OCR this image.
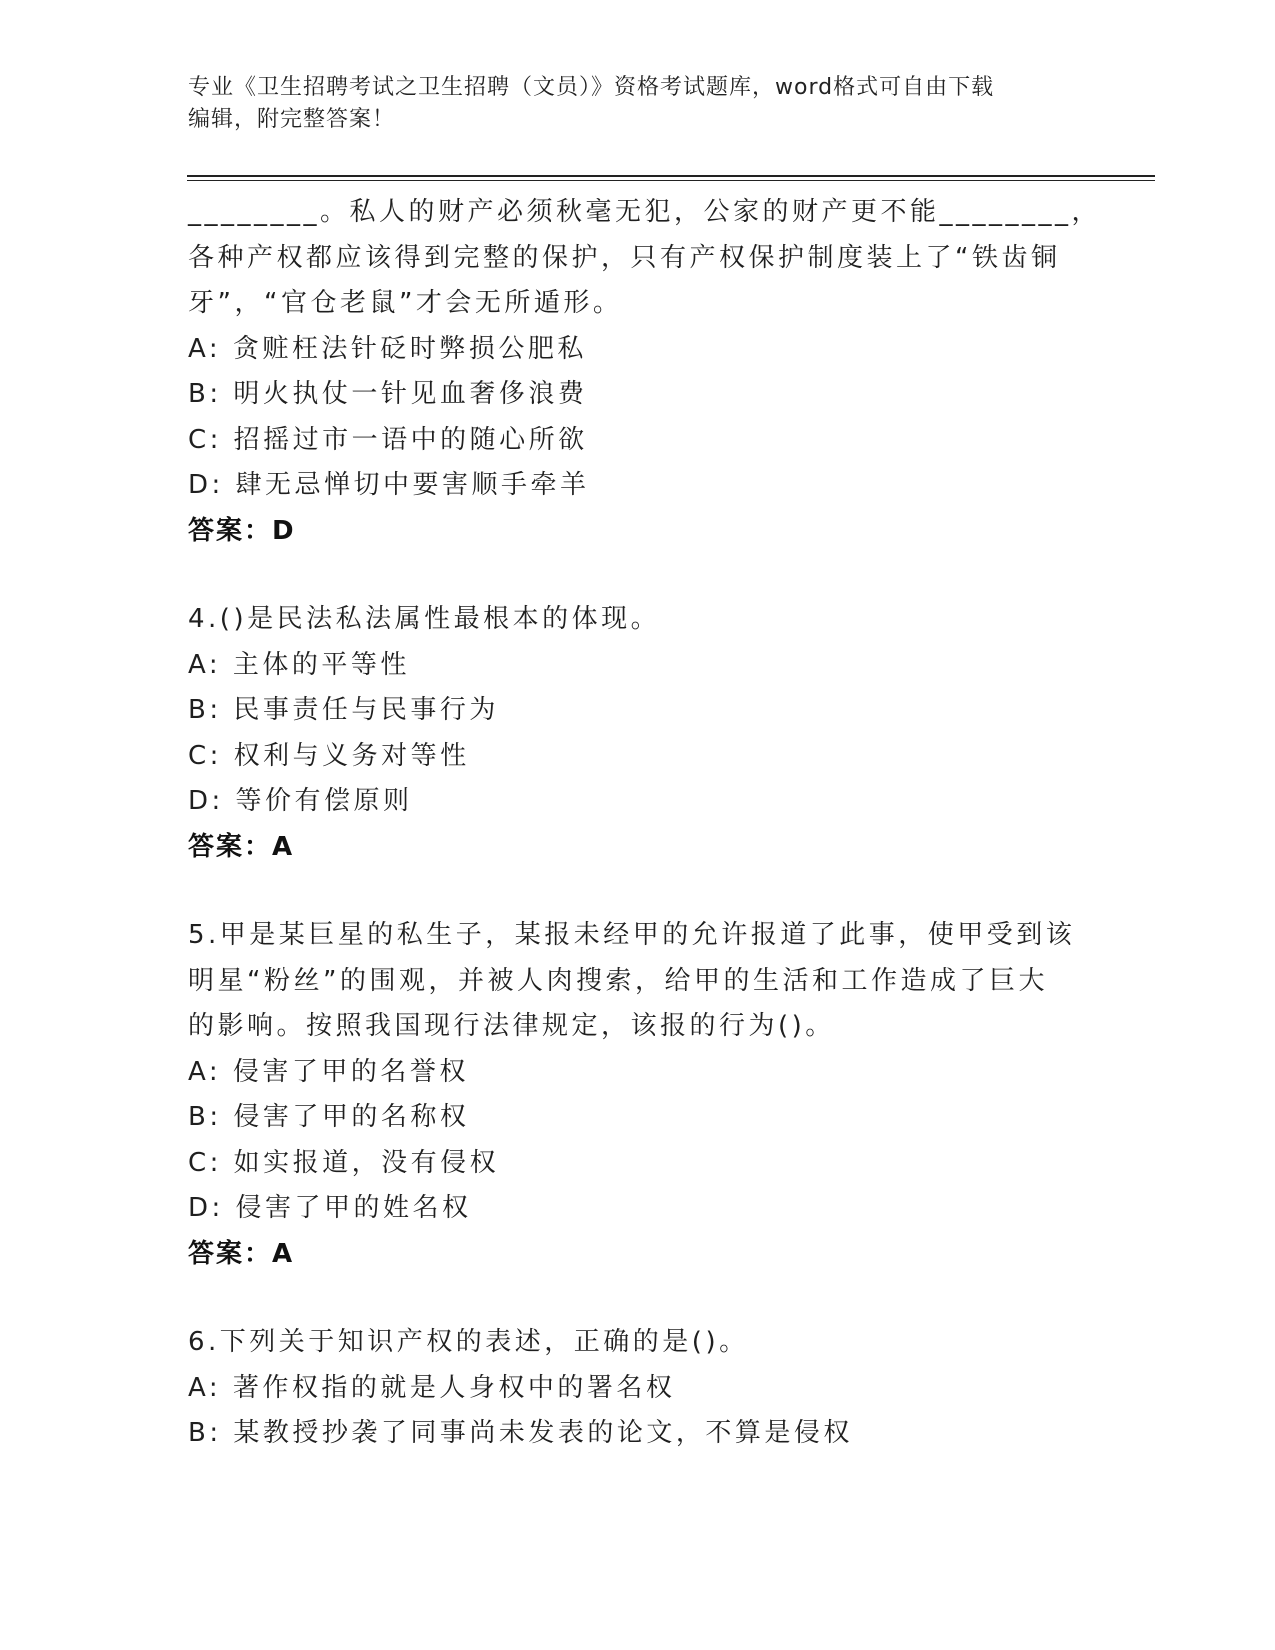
专业《卫生招聘考试之卫生招聘（文员）》资格考试题库，word格式可自由下载
编辑，附完整答案！
________。私人的财产必须秋毫无犯，公家的财产更不能________，
各种产权都应该得到完整的保护，只有产权保护制度装上了“铁齿铜
牙”，“官仓老鼠”才会无所遁形。
A: 贪赃枉法针砭时弊损公肥私
B: 明火执仗一针见血奢侈浪费
C: 招摇过市一语中的随心所欲
D: 肆无忌惮切中要害顺手牵羊
答案：D
4.()是民法私法属性最根本的体现。
A: 主体的平等性
B: 民事责任与民事行为
C: 权利与义务对等性
D: 等价有偿原则
答案：A
5.甲是某巨星的私生子，某报未经甲的允许报道了此事，使甲受到该
明星“粉丝”的围观，并被人肉搜索，给甲的生活和工作造成了巨大
的影响。按照我国现行法律规定，该报的行为()。
A: 侵害了甲的名誉权
B: 侵害了甲的名称权
C: 如实报道，没有侵权
D: 侵害了甲的姓名权
答案：A
6.下列关于知识产权的表述，正确的是()。
A: 著作权指的就是人身权中的署名权
B: 某教授抄袭了同事尚未发表的论文，不算是侵权
